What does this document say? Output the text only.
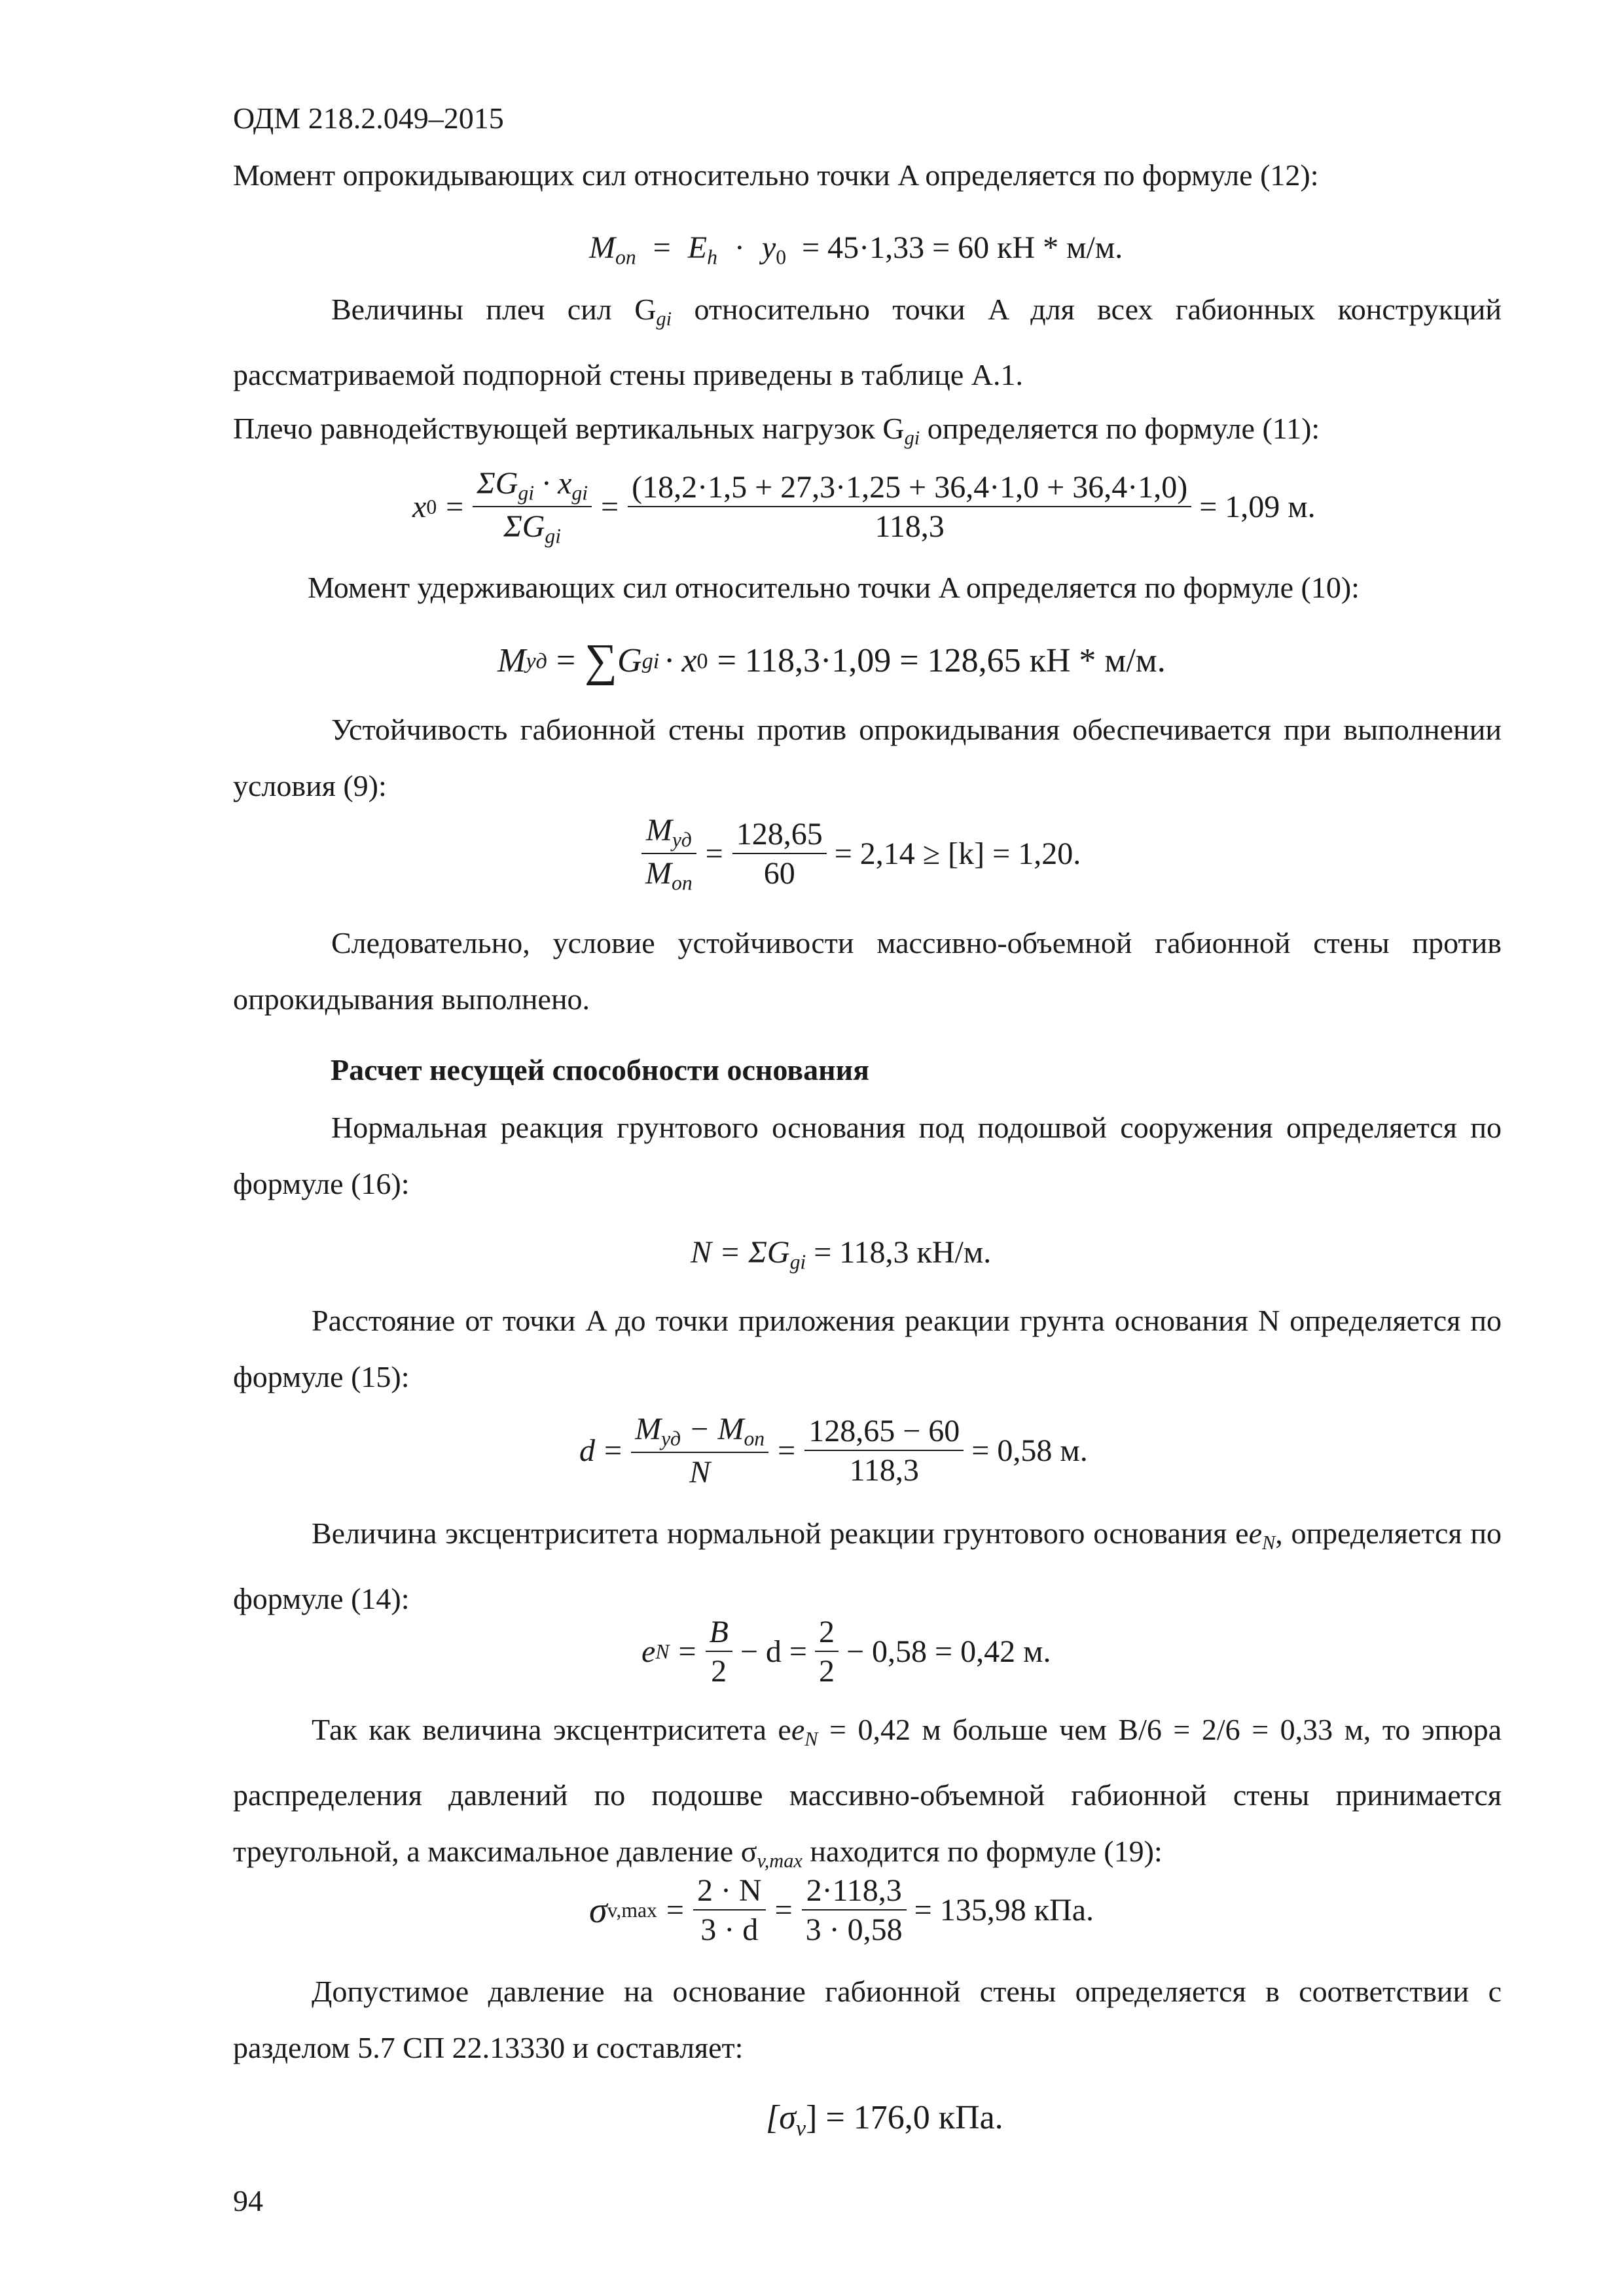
ОДМ 218.2.049–2015
Момент опрокидывающих сил относительно точки A определяется по формуле (12):
$M_{оп} = E_h \cdot y_0 = 45\cdot 1,33 = 60$ кН * м/м.
Величины плеч сил $G_{gi}$ относительно точки A для всех габионных конструкций рассматриваемой подпорной стены приведены в таблице А.1.
Плечо равнодействующей вертикальных нагрузок $G_{gi}$ определяется по формуле (11):
x $0 = \frac{\Sigma G_{gi} \cdot x_{gi}}{\Sigma G_{gi}} = \frac{(18,2\cdot 1,5 + 27,3\cdot 1,25 + 36,4\cdot 1,0 + 36,4\cdot 1,0)}{118,3} = 1,09$ м.
Момент удерживающих сил относительно точки A определяется по формуле (10):
M уд = ∑ G gi · x 0 = 118,3·1,09 = 128,65 кН * м/м.
Устойчивость габионной стены против опрокидывания обеспечивается при выполнении условия (9):
$\frac{M_{уд}}{M_{оп}} = \frac{128,65}{60} = 2,14 \ge [k] = 1,20$.
Следовательно, условие устойчивости массивно-объемной габионной стены против опрокидывания выполнено.
Расчет несущей способности основания
Нормальная реакция грунтового основания под подошвой сооружения определяется по формуле (16):
$N = \Sigma G_{gi} = 118,3$ кН/м.
Расстояние от точки A до точки приложения реакции грунта основания N определяется по формуле (15):
$d = \frac{M_{уд} - M_{оп}}{N} = \frac{128,65 - 60}{118,3} = 0,58$ м.
Величина эксцентриситета нормальной реакции грунтового основания $ee_N$, определяется по формуле (14):
e $N = \frac{B}{2} - d = \frac{2}{2} - 0,58 = 0,42$ м.
Так как величина эксцентриситета $ee_N = 0,42$ м больше чем B/6 = 2/6 = 0,33 м, то эпюра распределения давлений по подошве массивно-объемной габионной стены принимается треугольной, а максимальное давление $\sigma_{v,max}$ находится по формуле (19):
σ $v,\max = \frac{2 \cdot N}{3 \cdot d} = \frac{2\cdot 118,3}{3 \cdot 0,58} = 135,98$ кПа.
Допустимое давление на основание габионной стены определяется в соответствии с разделом 5.7 СП 22.13330 и составляет:
$[\sigma_v] = 176,0$ кПа.
94
